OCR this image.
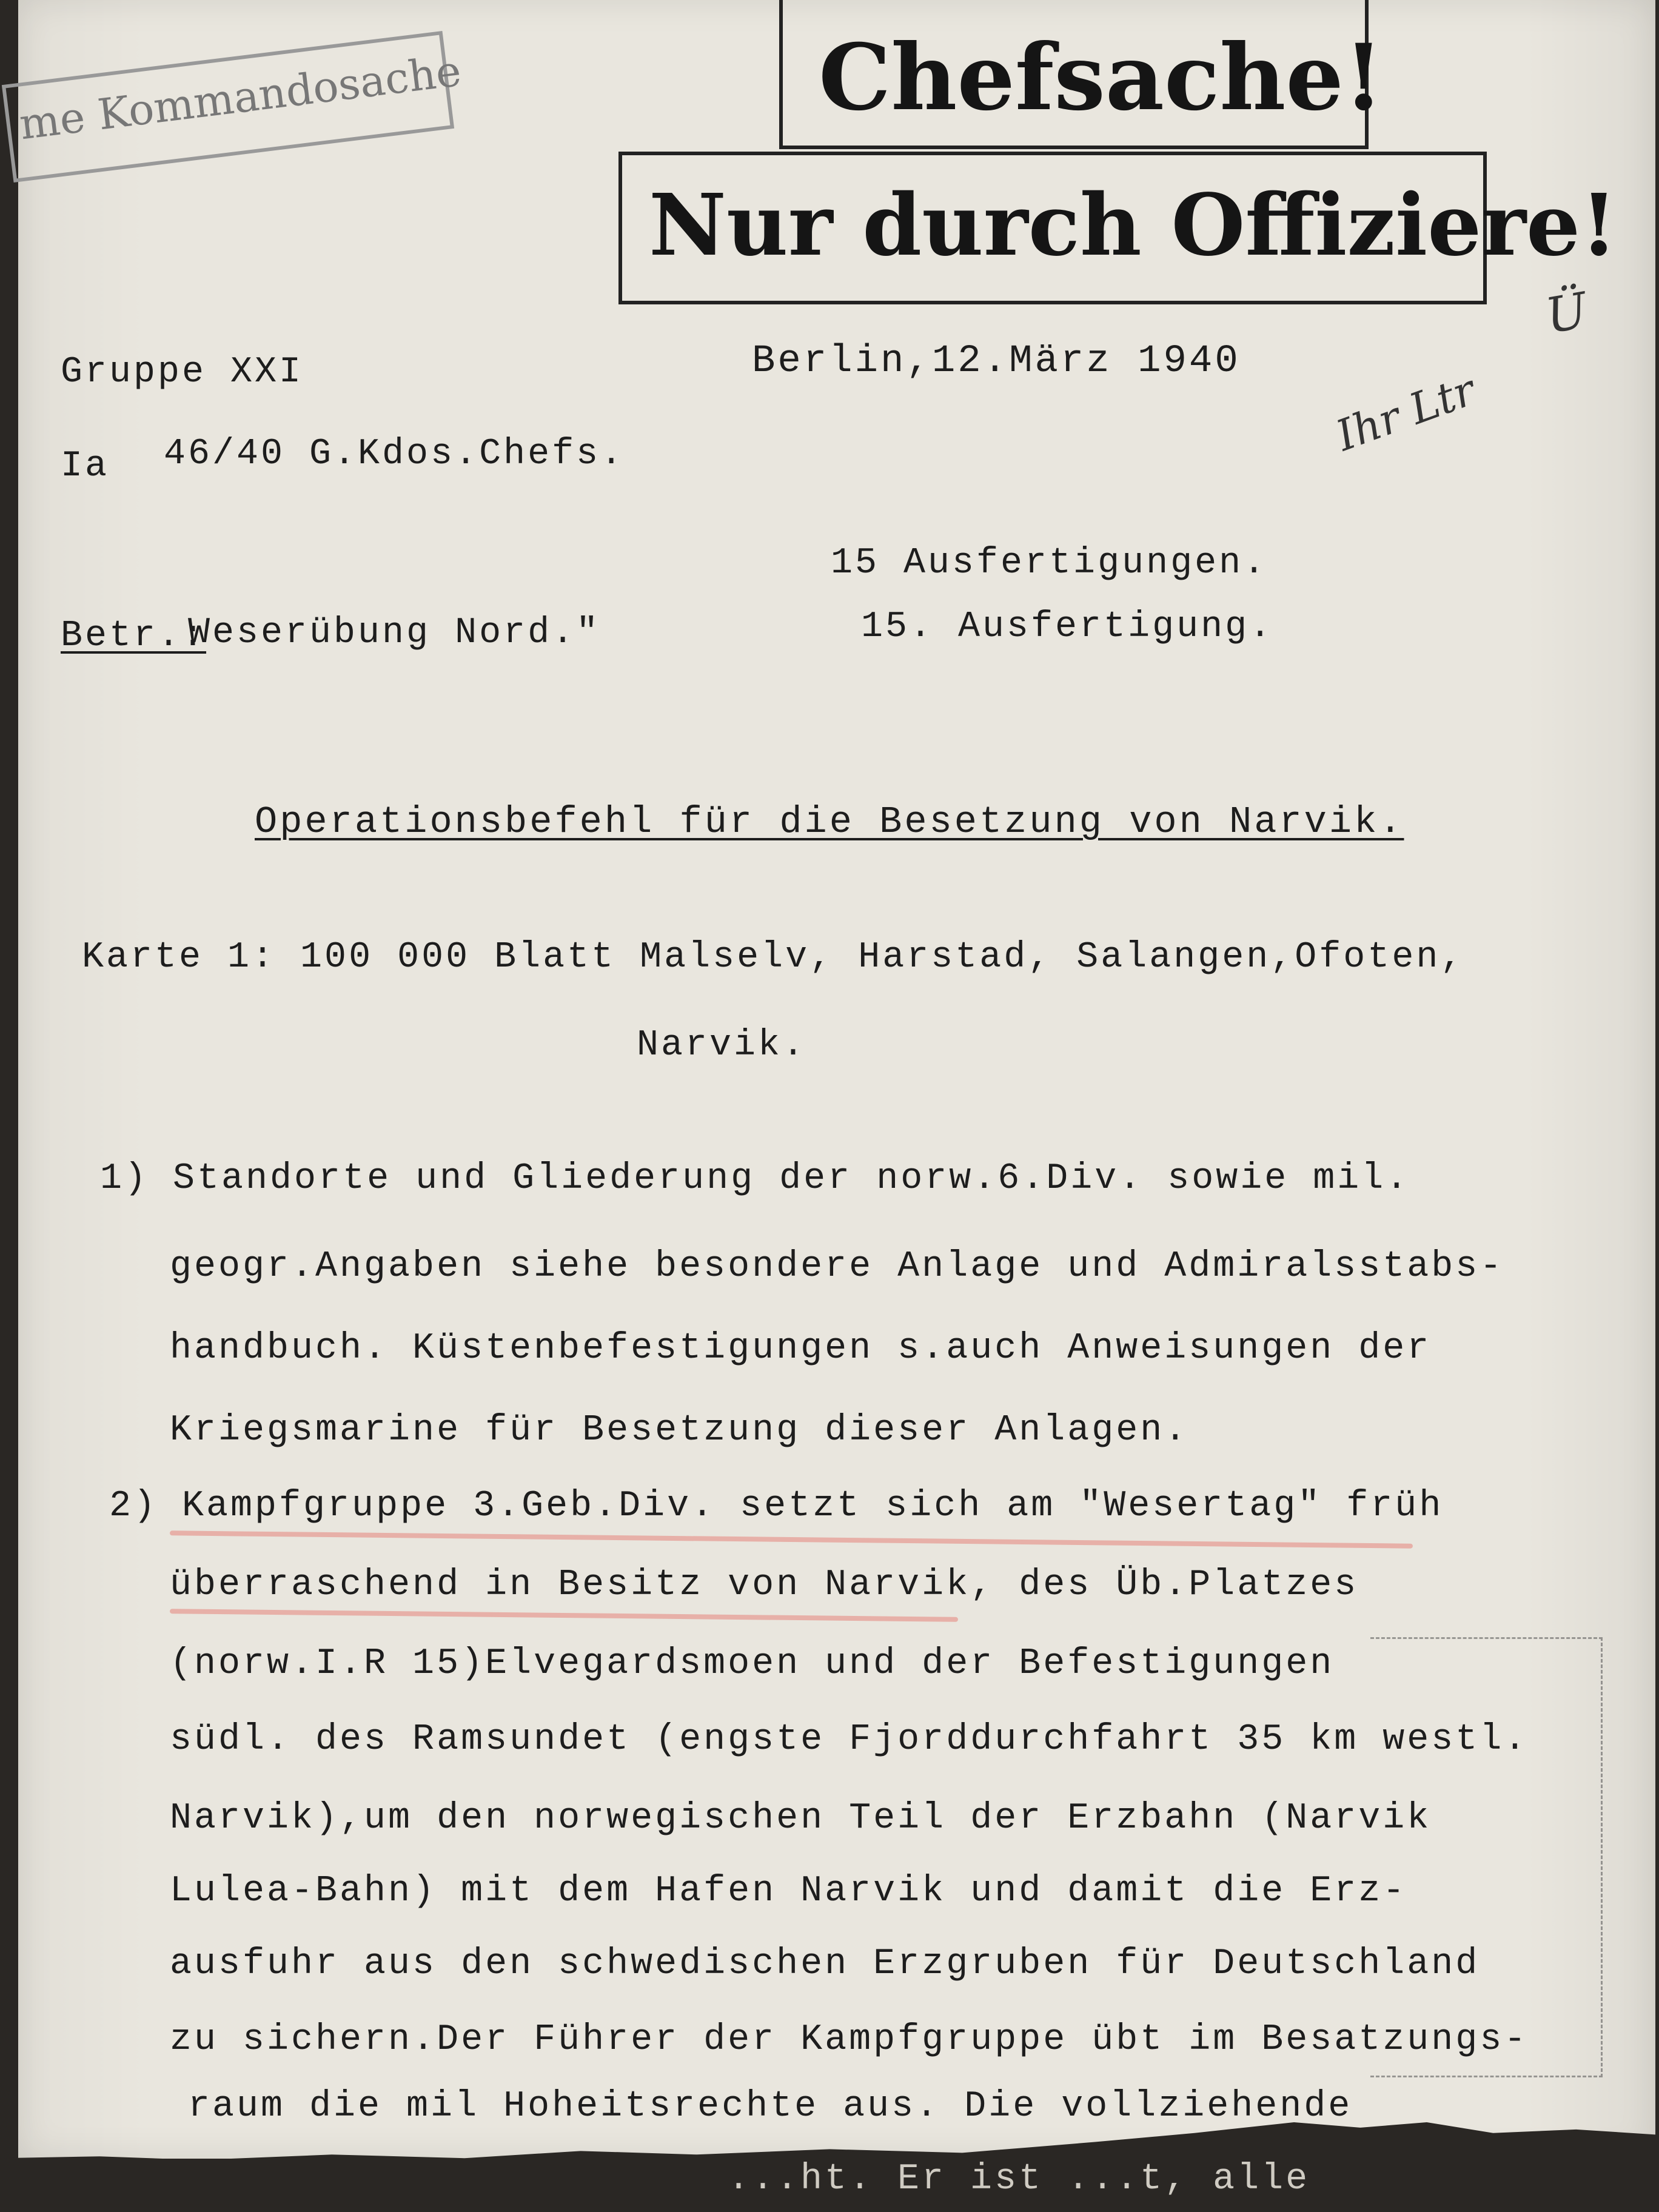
me Kommandosache	Chefsache!
Nur durch Offiziere!
Gruppe XXI	Berlin,12.März 1940
Ihr Ltr
Ü
Ia 46/40 G.Kdos.Chefs.
15 Ausfertigungen.
15. Ausfertigung.
Betr.:
Weserübung Nord."
Operationsbefehl für die Besetzung von Narvik.
Karte 1: 100 000 Blatt Malselv, Harstad, Salangen,Ofoten,
Narvik.
1) Standorte und Gliederung der norw.6.Div. sowie mil.
geogr.Angaben siehe besondere Anlage und Admiralsstabs-
handbuch. Küstenbefestigungen s.auch Anweisungen der
Kriegsmarine für Besetzung dieser Anlagen.
2) Kampfgruppe 3.Geb.Div. setzt sich am "Wesertag" früh
überraschend in Besitz von Narvik, des Üb.Platzes
(norw.I.R 15)Elvegardsmoen und der Befestigungen
südl. des Ramsundet (engste Fjorddurchfahrt 35 km westl.
Narvik),um den norwegischen Teil der Erzbahn (Narvik
Lulea-Bahn) mit dem Hafen Narvik und damit die Erz-
ausfuhr aus den schwedischen Erzgruben für Deutschland
zu sichern.Der Führer der Kampfgruppe übt im Besatzungs-
raum die mil Hoheitsrechte aus. Die vollziehende
...ht. Er ist ...t, alle
